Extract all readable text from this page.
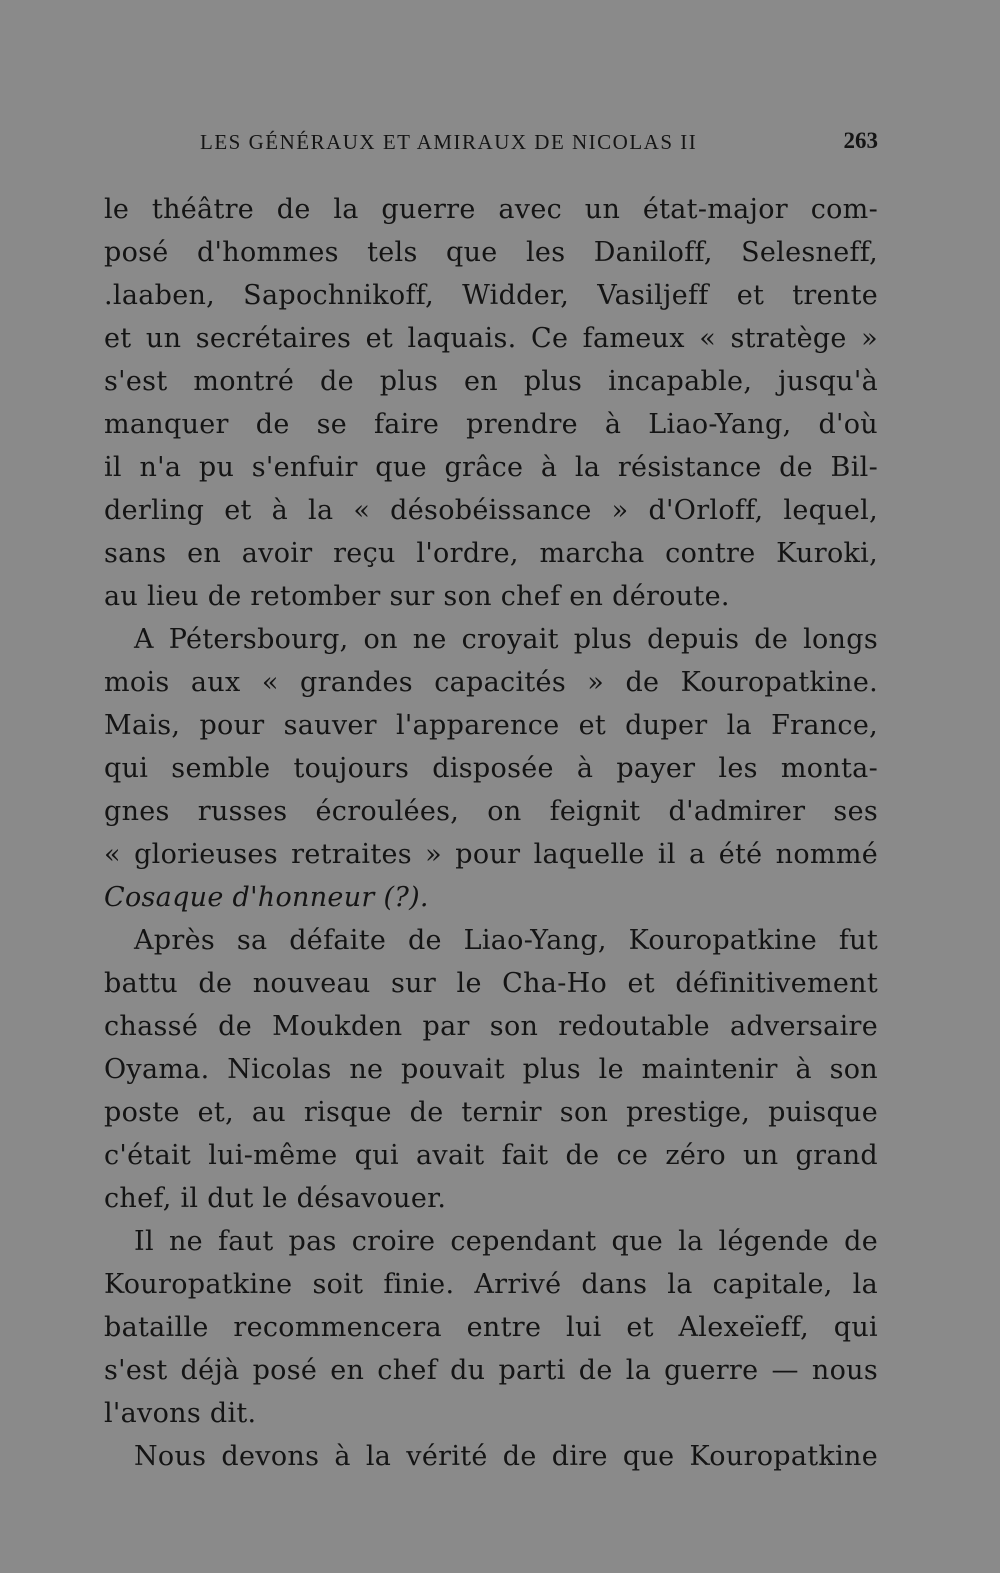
LES GÉNÉRAUX ET AMIRAUX DE NICOLAS II	263
le théâtre de la guerre avec un état-major com-
posé d'hommes tels que les Daniloff, Selesneff,
.laaben, Sapochnikoff, Widder, Vasiljeff et trente
et un secrétaires et laquais. Ce fameux « stratège »
s'est montré de plus en plus incapable, jusqu'à
manquer de se faire prendre à Liao-Yang, d'où
il n'a pu s'enfuir que grâce à la résistance de Bil-
derling et à la « désobéissance » d'Orloff, lequel,
sans en avoir reçu l'ordre, marcha contre Kuroki,
au lieu de retomber sur son chef en déroute.
A Pétersbourg, on ne croyait plus depuis de longs
mois aux « grandes capacités » de Kouropatkine.
Mais, pour sauver l'apparence et duper la France,
qui semble toujours disposée à payer les monta-
gnes russes écroulées, on feignit d'admirer ses
« glorieuses retraites » pour laquelle il a été nommé
Cosaque d'honneur (?).
Après sa défaite de Liao-Yang, Kouropatkine fut
battu de nouveau sur le Cha-Ho et définitivement
chassé de Moukden par son redoutable adversaire
Oyama. Nicolas ne pouvait plus le maintenir à son
poste et, au risque de ternir son prestige, puisque
c'était lui-même qui avait fait de ce zéro un grand
chef, il dut le désavouer.
Il ne faut pas croire cependant que la légende de
Kouropatkine soit finie. Arrivé dans la capitale, la
bataille recommencera entre lui et Alexeïeff, qui
s'est déjà posé en chef du parti de la guerre — nous
l'avons dit.
Nous devons à la vérité de dire que Kouropatkine
